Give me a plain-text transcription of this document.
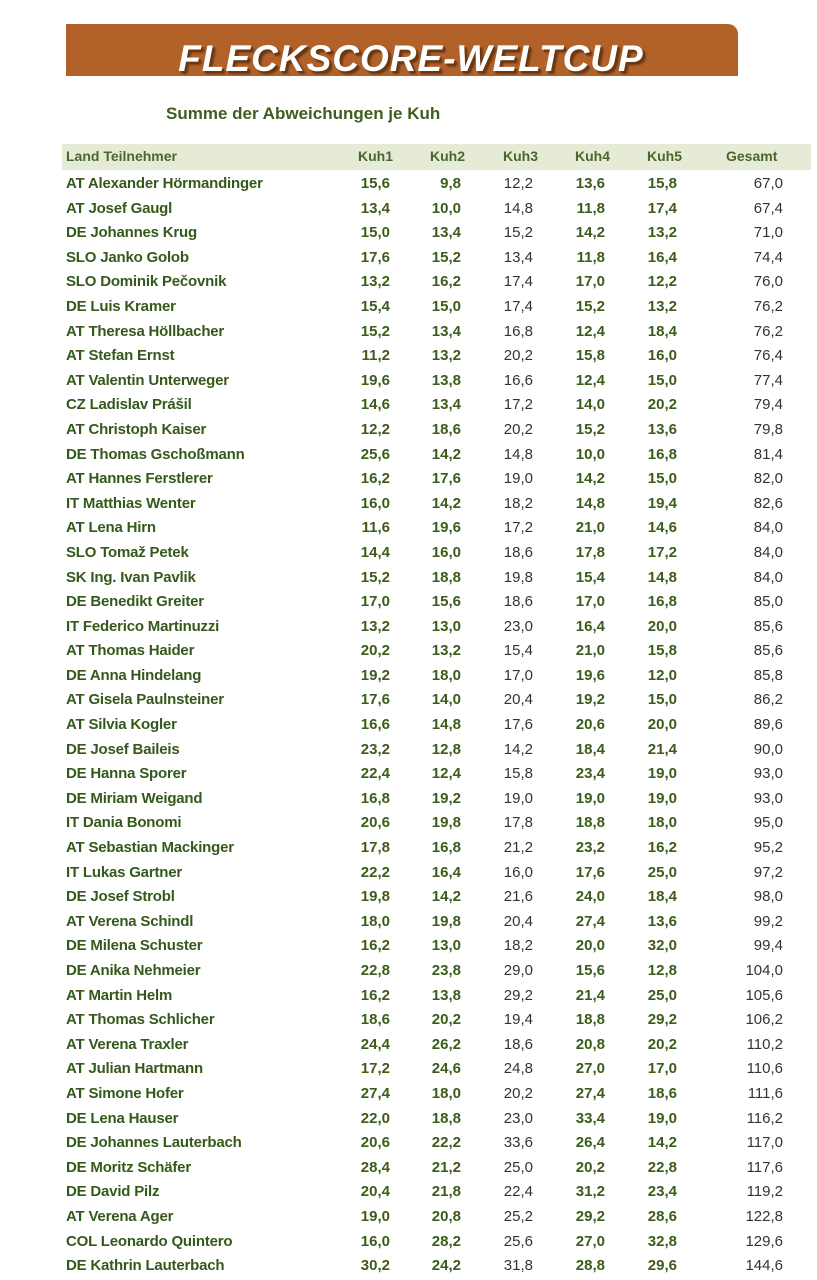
FLECKSCORE-WELTCUP
Summe der Abweichungen je Kuh
Land Teilnehmer	Kuh1	Kuh2	Kuh3	Kuh4	Kuh5	Gesamt
AT Alexander Hörmandinger	15,6	9,8	12,2	13,6	15,8	67,0
AT Josef Gaugl	13,4	10,0	14,8	11,8	17,4	67,4
DE Johannes Krug	15,0	13,4	15,2	14,2	13,2	71,0
SLO Janko Golob	17,6	15,2	13,4	11,8	16,4	74,4
SLO Dominik Pečovnik	13,2	16,2	17,4	17,0	12,2	76,0
DE Luis Kramer	15,4	15,0	17,4	15,2	13,2	76,2
AT Theresa Höllbacher	15,2	13,4	16,8	12,4	18,4	76,2
AT Stefan Ernst	11,2	13,2	20,2	15,8	16,0	76,4
AT Valentin Unterweger	19,6	13,8	16,6	12,4	15,0	77,4
CZ Ladislav Prášil	14,6	13,4	17,2	14,0	20,2	79,4
AT Christoph Kaiser	12,2	18,6	20,2	15,2	13,6	79,8
DE Thomas Gschoßmann	25,6	14,2	14,8	10,0	16,8	81,4
AT Hannes Ferstlerer	16,2	17,6	19,0	14,2	15,0	82,0
IT Matthias Wenter	16,0	14,2	18,2	14,8	19,4	82,6
AT Lena Hirn	11,6	19,6	17,2	21,0	14,6	84,0
SLO Tomaž Petek	14,4	16,0	18,6	17,8	17,2	84,0
SK Ing. Ivan Pavlik	15,2	18,8	19,8	15,4	14,8	84,0
DE Benedikt Greiter	17,0	15,6	18,6	17,0	16,8	85,0
IT Federico Martinuzzi	13,2	13,0	23,0	16,4	20,0	85,6
AT Thomas Haider	20,2	13,2	15,4	21,0	15,8	85,6
DE Anna Hindelang	19,2	18,0	17,0	19,6	12,0	85,8
AT Gisela Paulnsteiner	17,6	14,0	20,4	19,2	15,0	86,2
AT Silvia Kogler	16,6	14,8	17,6	20,6	20,0	89,6
DE Josef Baileis	23,2	12,8	14,2	18,4	21,4	90,0
DE Hanna Sporer	22,4	12,4	15,8	23,4	19,0	93,0
DE Miriam Weigand	16,8	19,2	19,0	19,0	19,0	93,0
IT Dania Bonomi	20,6	19,8	17,8	18,8	18,0	95,0
AT Sebastian Mackinger	17,8	16,8	21,2	23,2	16,2	95,2
IT Lukas Gartner	22,2	16,4	16,0	17,6	25,0	97,2
DE Josef Strobl	19,8	14,2	21,6	24,0	18,4	98,0
AT Verena Schindl	18,0	19,8	20,4	27,4	13,6	99,2
DE Milena Schuster	16,2	13,0	18,2	20,0	32,0	99,4
DE Anika Nehmeier	22,8	23,8	29,0	15,6	12,8	104,0
AT Martin Helm	16,2	13,8	29,2	21,4	25,0	105,6
AT Thomas Schlicher	18,6	20,2	19,4	18,8	29,2	106,2
AT Verena Traxler	24,4	26,2	18,6	20,8	20,2	110,2
AT Julian Hartmann	17,2	24,6	24,8	27,0	17,0	110,6
AT Simone Hofer	27,4	18,0	20,2	27,4	18,6	111,6
DE Lena Hauser	22,0	18,8	23,0	33,4	19,0	116,2
DE Johannes Lauterbach	20,6	22,2	33,6	26,4	14,2	117,0
DE Moritz Schäfer	28,4	21,2	25,0	20,2	22,8	117,6
DE David Pilz	20,4	21,8	22,4	31,2	23,4	119,2
AT Verena Ager	19,0	20,8	25,2	29,2	28,6	122,8
COL Leonardo Quintero	16,0	28,2	25,6	27,0	32,8	129,6
DE Kathrin Lauterbach	30,2	24,2	31,8	28,8	29,6	144,6
